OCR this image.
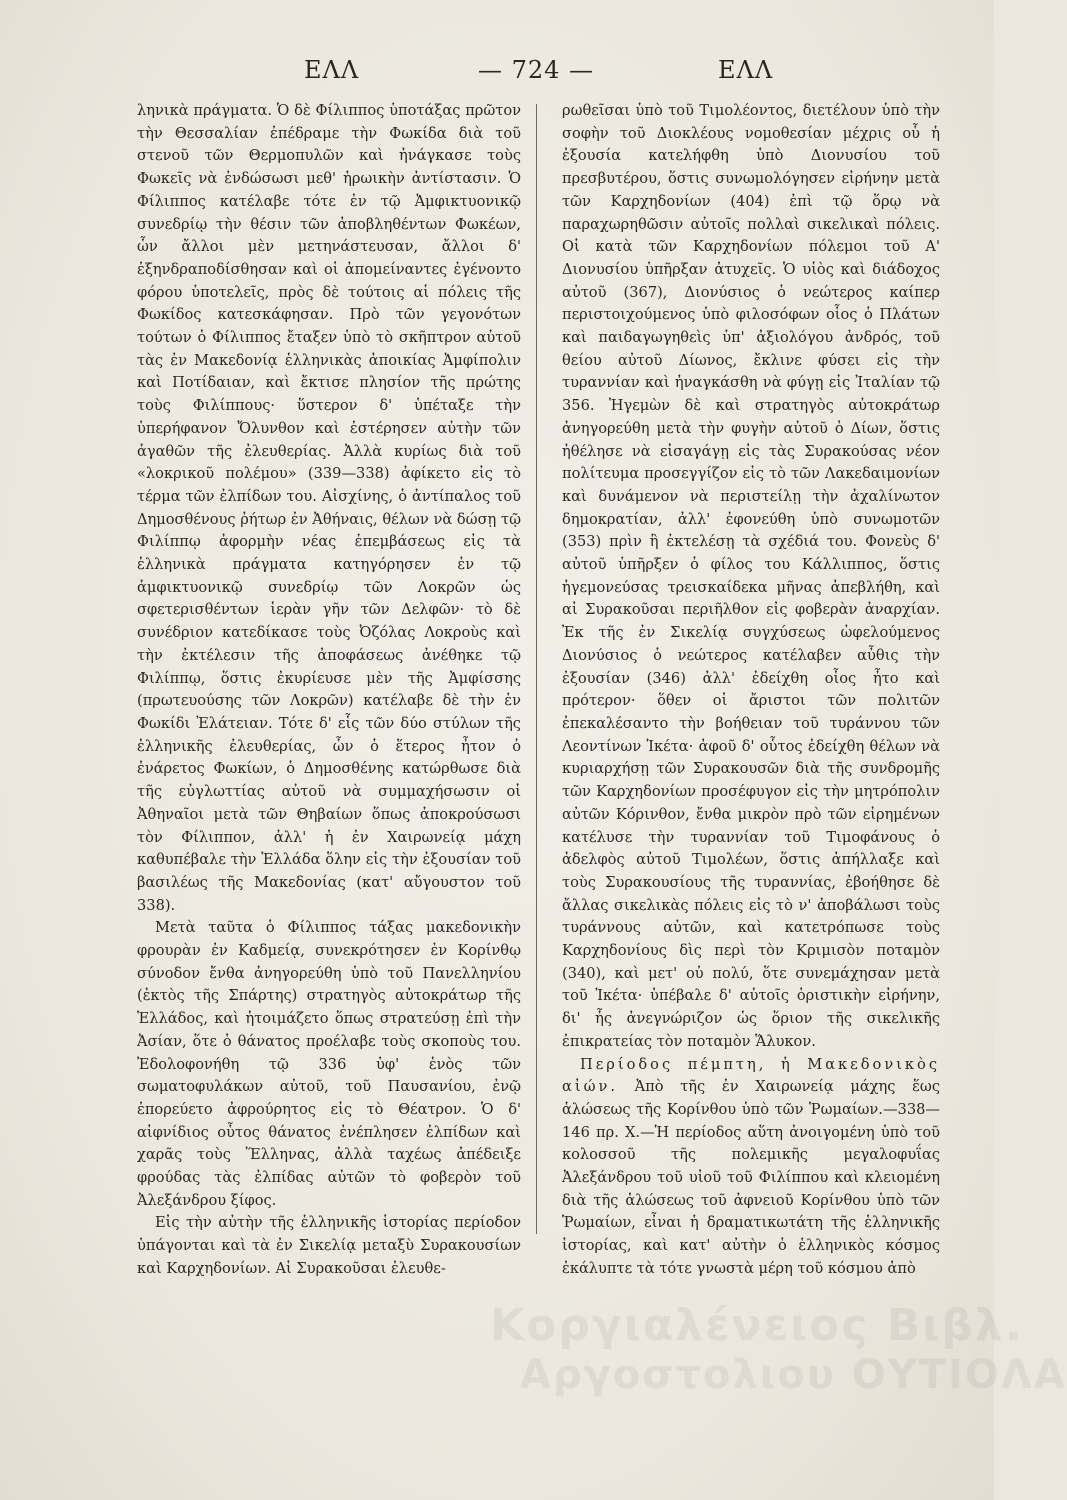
ΕΛΛ	— 724 —	ΕΛΛ

ληνικὰ πράγματα. Ὁ δὲ Φίλιππος ὑποτάξας πρῶτον τὴν Θεσσαλίαν ἐπέδραμε τὴν Φωκίδα διὰ τοῦ στενοῦ τῶν Θερμοπυλῶν καὶ ἠνάγκασε τοὺς Φωκεῖς νὰ ἐνδώσωσι μεθ' ἡρωικὴν ἀντίστασιν. Ὁ Φίλιππος κατέλαβε τότε ἐν τῷ Ἀμφικτυονικῷ συνεδρίῳ τὴν θέσιν τῶν ἀποβληθέντων Φωκέων, ὧν ἄλλοι μὲν μετηνάστευσαν, ἄλλοι δ' ἐξηνδραποδίσθησαν καὶ οἱ ἀπομείναντες ἐγένοντο φόρου ὑποτελεῖς, πρὸς δὲ τούτοις αἱ πόλεις τῆς Φωκίδος κατεσκάφησαν. Πρὸ τῶν γεγονότων τούτων ὁ Φίλιππος ἔταξεν ὑπὸ τὸ σκῆπτρον αὐτοῦ τὰς ἐν Μακεδονίᾳ ἑλληνικὰς ἀποικίας Ἀμφίπολιν καὶ Ποτίδαιαν, καὶ ἔκτισε πλησίον τῆς πρώτης τοὺς Φιλίππους· ὕστερον δ' ὑπέταξε τὴν ὑπερήφανον Ὄλυνθον καὶ ἐστέρησεν αὐτὴν τῶν ἀγαθῶν τῆς ἐλευθερίας. Ἀλλὰ κυρίως διὰ τοῦ «λοκρικοῦ πολέμου» (339—338) ἀφίκετο εἰς τὸ τέρμα τῶν ἐλπίδων του. Αἰσχίνης, ὁ ἀντίπαλος τοῦ Δημοσθένους ῥήτωρ ἐν Ἀθήναις, θέλων νὰ δώσῃ τῷ Φιλίππῳ ἀφορμὴν νέας ἐπεμβάσεως εἰς τὰ ἑλληνικὰ πράγματα κατηγόρησεν ἐν τῷ ἀμφικτυονικῷ συνεδρίῳ τῶν Λοκρῶν ὡς σφετερισθέντων ἱερὰν γῆν τῶν Δελφῶν· τὸ δὲ συνέδριον κατεδίκασε τοὺς Ὀζόλας Λοκροὺς καὶ τὴν ἐκτέλεσιν τῆς ἀποφάσεως ἀνέθηκε τῷ Φιλίππῳ, ὅστις ἐκυρίευσε μὲν τῆς Ἀμφίσσης (πρωτευούσης τῶν Λοκρῶν) κατέλαβε δὲ τὴν ἐν Φωκίδι Ἐλάτειαν. Τότε δ' εἷς τῶν δύο στύλων τῆς ἑλληνικῆς ἐλευθερίας, ὧν ὁ ἕτερος ἦτον ὁ ἐνάρετος Φωκίων, ὁ Δημοσθένης κατώρθωσε διὰ τῆς εὐγλωττίας αὐτοῦ νὰ συμμαχήσωσιν οἱ Ἀθηναῖοι μετὰ τῶν Θηβαίων ὅπως ἀποκρούσωσι τὸν Φίλιππον, ἀλλ' ἡ ἐν Χαιρωνείᾳ μάχη καθυπέβαλε τὴν Ἑλλάδα ὅλην εἰς τὴν ἐξουσίαν τοῦ βασιλέως τῆς Μακεδονίας (κατ' αὔγουστον τοῦ 338).

Μετὰ ταῦτα ὁ Φίλιππος τάξας μακεδονικὴν φρουρὰν ἐν Καδμείᾳ, συνεκρότησεν ἐν Κορίνθῳ σύνοδον ἔνθα ἀνηγορεύθη ὑπὸ τοῦ Πανελληνίου (ἐκτὸς τῆς Σπάρτης) στρατηγὸς αὐτοκράτωρ τῆς Ἑλλάδος, καὶ ἡτοιμάζετο ὅπως στρατεύσῃ ἐπὶ τὴν Ἀσίαν, ὅτε ὁ θάνατος προέλαβε τοὺς σκοποὺς του. Ἐδολοφονήθη τῷ 336 ὑφ' ἑνὸς τῶν σωματοφυλάκων αὐτοῦ, τοῦ Παυσανίου, ἐνῷ ἐπορεύετο ἀφρούρητος εἰς τὸ Θέατρον. Ὁ δ' αἰφνίδιος οὗτος θάνατος ἐνέπλησεν ἐλπίδων καὶ χαρᾶς τοὺς Ἕλληνας, ἀλλὰ ταχέως ἀπέδειξε φρούδας τὰς ἐλπίδας αὐτῶν τὸ φοβερὸν τοῦ Ἀλεξάνδρου ξίφος.

Εἰς τὴν αὐτὴν τῆς ἑλληνικῆς ἱστορίας περίοδον ὑπάγονται καὶ τὰ ἐν Σικελίᾳ μεταξὺ Συρακουσίων καὶ Καρχηδονίων. Αἱ Συρακοῦσαι ἐλευθε-

ρωθεῖσαι ὑπὸ τοῦ Τιμολέοντος, διετέλουν ὑπὸ τὴν σοφὴν τοῦ Διοκλέους νομοθεσίαν μέχρις οὗ ἡ ἐξουσία κατελήφθη ὑπὸ Διονυσίου τοῦ πρεσβυτέρου, ὅστις συνωμολόγησεν εἰρήνην μετὰ τῶν Καρχηδονίων (404) ἐπὶ τῷ ὅρῳ νὰ παραχωρηθῶσιν αὐτοῖς πολλαὶ σικελικαὶ πόλεις. Οἱ κατὰ τῶν Καρχηδονίων πόλεμοι τοῦ Α' Διονυσίου ὑπῆρξαν ἀτυχεῖς. Ὁ υἱὸς καὶ διάδοχος αὐτοῦ (367), Διονύσιος ὁ νεώτερος καίπερ περιστοιχούμενος ὑπὸ φιλοσόφων οἷος ὁ Πλάτων καὶ παιδαγωγηθεὶς ὑπ' ἀξιολόγου ἀνδρός, τοῦ θείου αὐτοῦ Δίωνος, ἔκλινε φύσει εἰς τὴν τυραννίαν καὶ ἠναγκάσθη νὰ φύγῃ εἰς Ἰταλίαν τῷ 356. Ἡγεμὼν δὲ καὶ στρατηγὸς αὐτοκράτωρ ἀνηγορεύθη μετὰ τὴν φυγὴν αὐτοῦ ὁ Δίων, ὅστις ἠθέλησε νὰ εἰσαγάγῃ εἰς τὰς Συρακούσας νέον πολίτευμα προσεγγίζον εἰς τὸ τῶν Λακεδαιμονίων καὶ δυνάμενον νὰ περιστείλῃ τὴν ἀχαλίνωτον δημοκρατίαν, ἀλλ' ἐφονεύθη ὑπὸ συνωμοτῶν (353) πρὶν ἢ ἐκτελέσῃ τὰ σχέδιά του. Φονεὺς δ' αὐτοῦ ὑπῆρξεν ὁ φίλος του Κάλλιππος, ὅστις ἡγεμονεύσας τρεισκαίδεκα μῆνας ἀπεβλήθη, καὶ αἱ Συρακοῦσαι περιῆλθον εἰς φοβερὰν ἀναρχίαν. Ἐκ τῆς ἐν Σικελίᾳ συγχύσεως ὠφελούμενος Διονύσιος ὁ νεώτερος κατέλαβεν αὖθις τὴν ἐξουσίαν (346) ἀλλ' ἐδείχθη οἷος ἦτο καὶ πρότερον· ὅθεν οἱ ἄριστοι τῶν πολιτῶν ἐπεκαλέσαντο τὴν βοήθειαν τοῦ τυράννου τῶν Λεοντίνων Ἱκέτα· ἀφοῦ δ' οὗτος ἐδείχθη θέλων νὰ κυριαρχήσῃ τῶν Συρακουσῶν διὰ τῆς συνδρομῆς τῶν Καρχηδονίων προσέφυγον εἰς τὴν μητρόπολιν αὐτῶν Κόρινθον, ἔνθα μικρὸν πρὸ τῶν εἰρημένων κατέλυσε τὴν τυραννίαν τοῦ Τιμοφάνους ὁ ἀδελφὸς αὐτοῦ Τιμολέων, ὅστις ἀπήλλαξε καὶ τοὺς Συρακουσίους τῆς τυραννίας, ἐβοήθησε δὲ ἄλλας σικελικὰς πόλεις εἰς τὸ ν' ἀποβάλωσι τοὺς τυράννους αὐτῶν, καὶ κατετρόπωσε τοὺς Καρχηδονίους δὶς περὶ τὸν Κριμισὸν ποταμὸν (340), καὶ μετ' οὐ πολύ, ὅτε συνεμάχησαν μετὰ τοῦ Ἱκέτα· ὑπέβαλε δ' αὐτοῖς ὁριστικὴν εἰρήνην, δι' ἧς ἀνεγνώριζον ὡς ὅριον τῆς σικελικῆς ἐπικρατείας τὸν ποταμὸν Ἅλυκον.

Περίοδος πέμπτη, ἡ Μακεδονικὸς αἰών. Ἀπὸ τῆς ἐν Χαιρωνείᾳ μάχης ἕως ἁλώσεως τῆς Κορίνθου ὑπὸ τῶν Ῥωμαίων.—338—146 πρ. Χ.—Ἡ περίοδος αὕτη ἀνοιγομένη ὑπὸ τοῦ κολοσσοῦ τῆς πολεμικῆς μεγαλοφυΐας Ἀλεξάνδρου τοῦ υἱοῦ τοῦ Φιλίππου καὶ κλειομένη διὰ τῆς ἁλώσεως τοῦ ἀφνειοῦ Κορίνθου ὑπὸ τῶν Ῥωμαίων, εἶναι ἡ δραματικωτάτη τῆς ἑλληνικῆς ἱστορίας, καὶ κατ' αὐτὴν ὁ ἑλληνικὸς κόσμος ἐκάλυπτε τὰ τότε γνωστὰ μέρη τοῦ κόσμου ἀπὸ

Κοργιαλένειος Βιβλ.
Αργοστολιου ΟΥΤΙΟΛΑ
